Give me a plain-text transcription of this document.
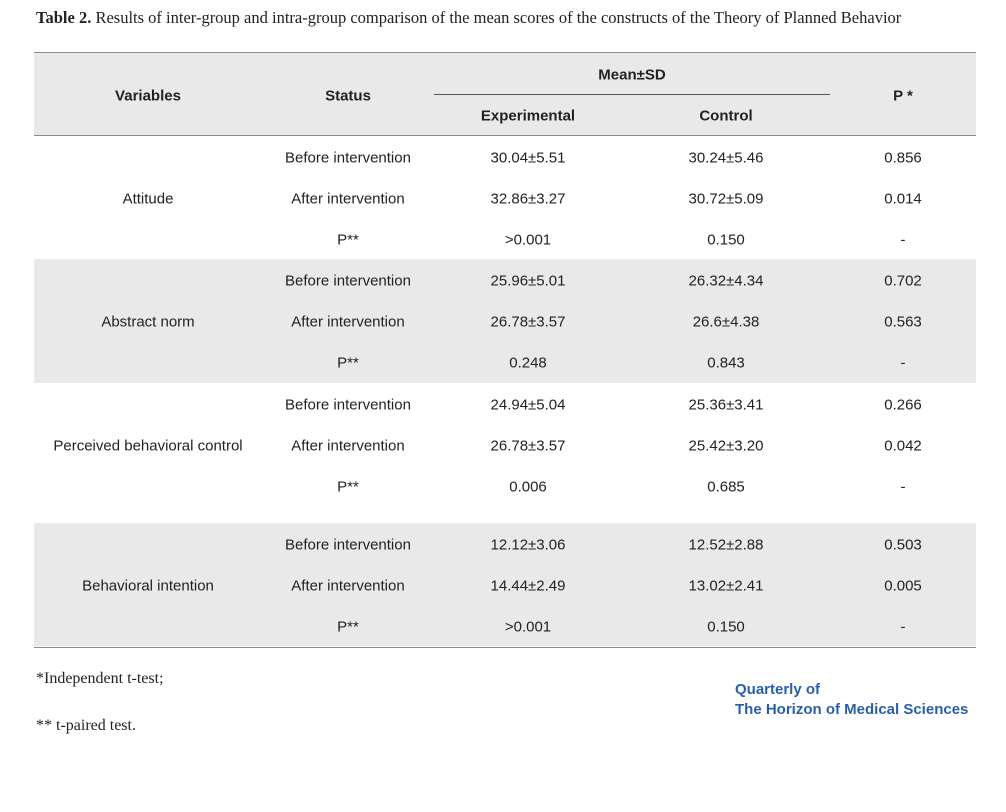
Table 2. Results of inter-group and intra-group comparison of the mean scores of the constructs of the Theory of Planned Behavior
Variables	Status
Mean±SD
Experimental	Control
P *
Attitude
Before intervention	30.04±5.51	30.24±5.46	0.856
After intervention	32.86±3.27	30.72±5.09	0.014
P**	>0.001	0.150	-
Abstract norm
Before intervention	25.96±5.01	26.32±4.34	0.702
After intervention	26.78±3.57	26.6±4.38	0.563
P**	0.248	0.843	-
Perceived behavioral control
Before intervention	24.94±5.04	25.36±3.41	0.266
After intervention	26.78±3.57	25.42±3.20	0.042
P**	0.006	0.685	-
Behavioral intention
Before intervention	12.12±3.06	12.52±2.88	0.503
After intervention	14.44±2.49	13.02±2.41	0.005
P**	>0.001	0.150	-
*Independent t-test;
** t-paired test.
Quarterly of
The Horizon of Medical Sciences
